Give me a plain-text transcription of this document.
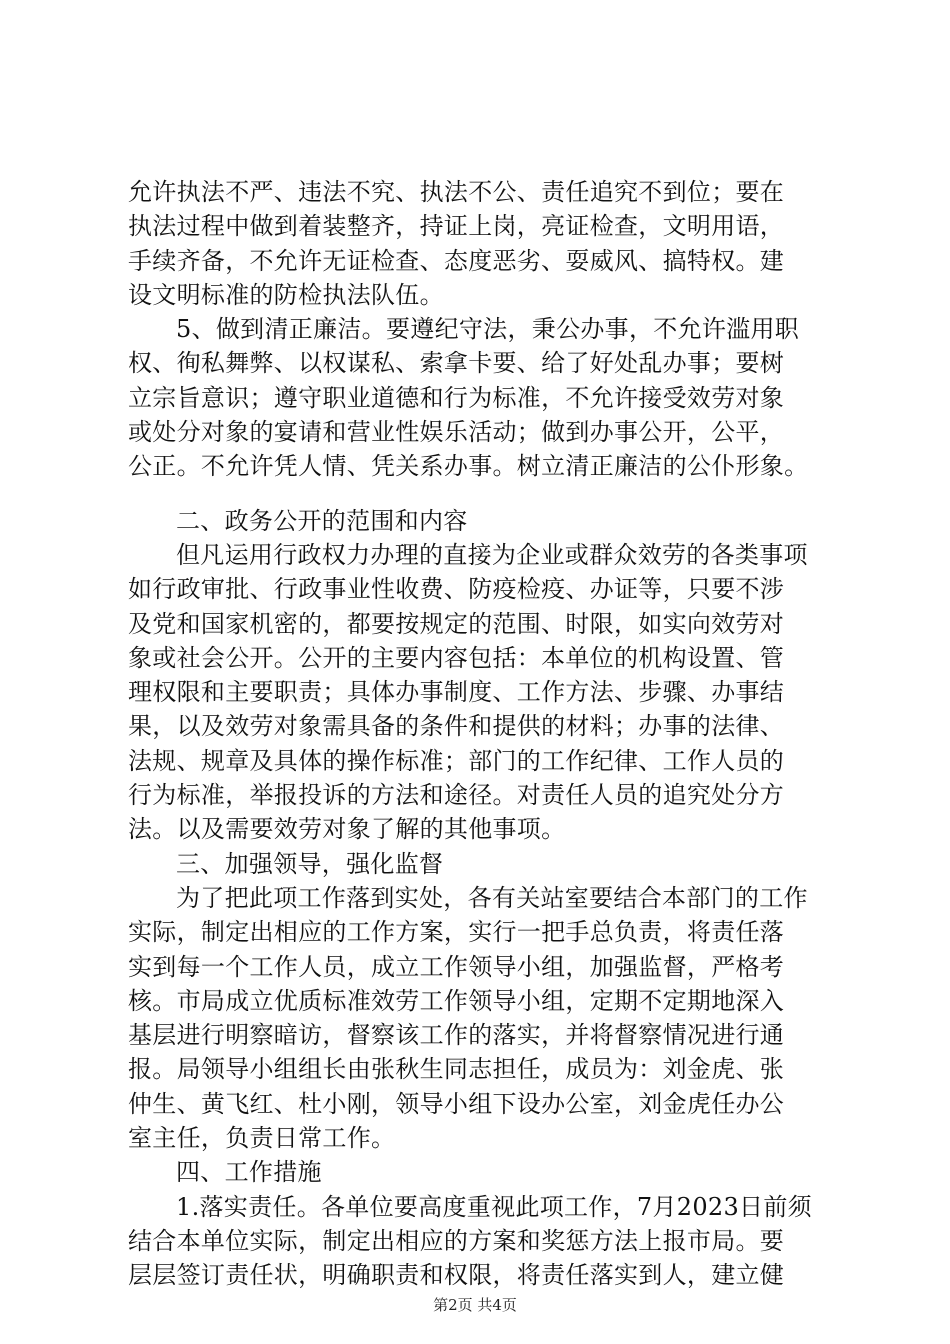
允许执法不严、违法不究、执法不公、责任追究不到位；要在
执法过程中做到着装整齐，持证上岗，亮证检查，文明用语，
手续齐备，不允许无证检查、态度恶劣、耍威风、搞特权。建
设文明标准的防检执法队伍。
5、做到清正廉洁。要遵纪守法，秉公办事，不允许滥用职
权、徇私舞弊、以权谋私、索拿卡要、给了好处乱办事；要树
立宗旨意识；遵守职业道德和行为标准，不允许接受效劳对象
或处分对象的宴请和营业性娱乐活动；做到办事公开，公平，
公正。不允许凭人情、凭关系办事。树立清正廉洁的公仆形象。
二、政务公开的范围和内容
但凡运用行政权力办理的直接为企业或群众效劳的各类事项
如行政审批、行政事业性收费、防疫检疫、办证等，只要不涉
及党和国家机密的，都要按规定的范围、时限，如实向效劳对
象或社会公开。公开的主要内容包括：本单位的机构设置、管
理权限和主要职责；具体办事制度、工作方法、步骤、办事结
果，以及效劳对象需具备的条件和提供的材料；办事的法律、
法规、规章及具体的操作标准；部门的工作纪律、工作人员的
行为标准，举报投诉的方法和途径。对责任人员的追究处分方
法。以及需要效劳对象了解的其他事项。
三、加强领导，强化监督
为了把此项工作落到实处，各有关站室要结合本部门的工作
实际，制定出相应的工作方案，实行一把手总负责，将责任落
实到每一个工作人员，成立工作领导小组，加强监督，严格考
核。市局成立优质标准效劳工作领导小组，定期不定期地深入
基层进行明察暗访，督察该工作的落实，并将督察情况进行通
报。局领导小组组长由张秋生同志担任，成员为：刘金虎、张
仲生、黄飞红、杜小刚，领导小组下设办公室，刘金虎任办公
室主任，负责日常工作。
四、工作措施
1.落实责任。各单位要高度重视此项工作，7月2023日前须
结合本单位实际，制定出相应的方案和奖惩方法上报市局。要
层层签订责任状，明确职责和权限，将责任落实到人，建立健
第2页 共4页
